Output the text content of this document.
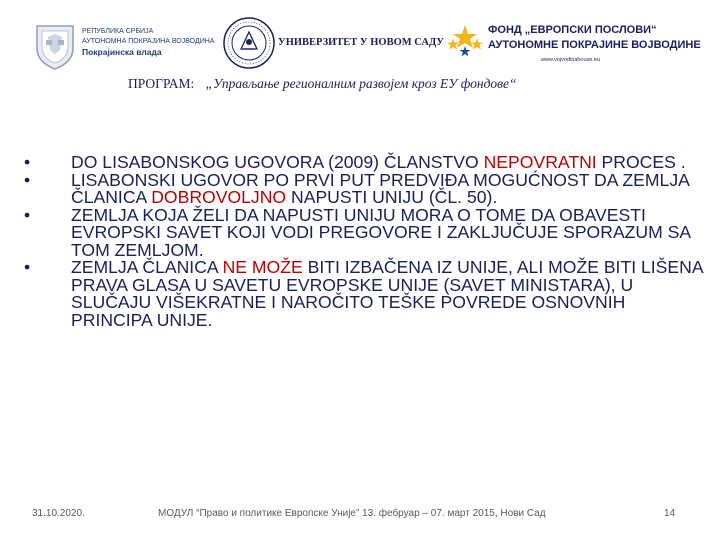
РЕПУБЛИКА СРБИЈА
АУТОНОМНА ПОКРАЈИНА ВОЈВОДИНА
Покрајинска влада
УНИВЕРЗИТЕТ У НОВОМ САДУ
ФОНД „ЕВРОПСКИ ПОСЛОВИ“
АУТОНОМНЕ ПОКРАЈИНЕ ВОЈВОДИНЕ
www.vojvodinahouse.eu
ПРОГРАМ: „Управљање регионалним развојем кроз ЕУ фондове“
•	DO LISABONSKOG UGOVORA (2009) ČLANSTVO NEPOVRATNI PROCES .
•	LISABONSKI UGOVOR PO PRVI PUT PREDVIĐA MOGUĆNOST DA ZEMLJA ČLANICA DOBROVOLJNO NAPUSTI UNIJU (ČL. 50).
•	ZEMLJA KOJA ŽELI DA NAPUSTI UNIJU MORA O TOME DA OBAVESTI EVROPSKI SAVET KOJI VODI PREGOVORE I ZAKLJUČUJE SPORAZUM SA TOM ZEMLJOM.
•	ZEMLJA ČLANICA NE MOŽE BITI IZBAČENA IZ UNIJE, ALI MOŽE BITI LIŠENA PRAVA GLASA U SAVETU EVROPSKE UNIJE (SAVET MINISTARA), U SLUČAJU VIŠEKRATNE I NAROČITO TEŠKE POVREDE OSNOVNIH PRINCIPA UNIJE.
31.10.2020.	МОДУЛ “Право и политике Европске Уније” 13. фебруар – 07. март 2015, Нови Сад	14
